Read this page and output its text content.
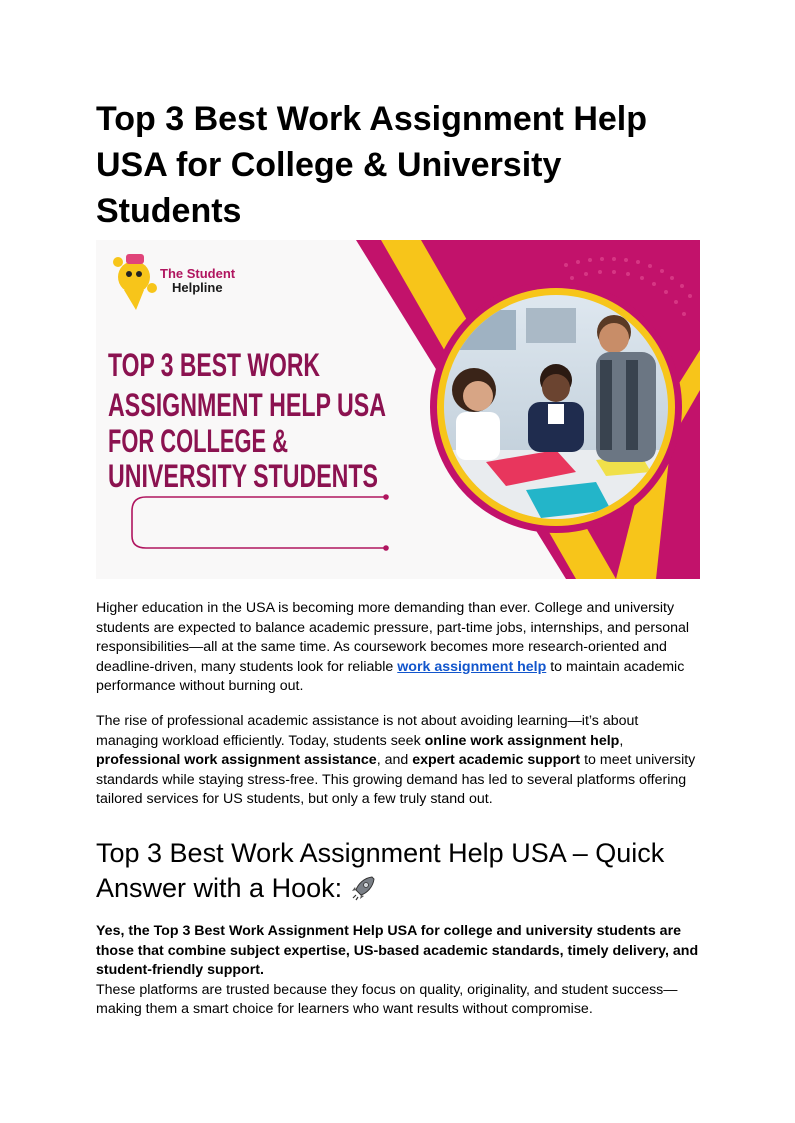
Top 3 Best Work Assignment Help USA for College & University Students
The Student
Helpline
TOP 3 BEST WORK
ASSIGNMENT HELP USA
FOR COLLEGE &
UNIVERSITY STUDENTS

Higher education in the USA is becoming more demanding than ever. College and university students are expected to balance academic pressure, part-time jobs, internships, and personal responsibilities—all at the same time. As coursework becomes more research-oriented and deadline-driven, many students look for reliable work assignment help to maintain academic performance without burning out.

The rise of professional academic assistance is not about avoiding learning—it’s about managing workload efficiently. Today, students seek online work assignment help, professional work assignment assistance, and expert academic support to meet university standards while staying stress-free. This growing demand has led to several platforms offering tailored services for US students, but only a few truly stand out.

Top 3 Best Work Assignment Help USA – Quick Answer with a Hook:

Yes, the Top 3 Best Work Assignment Help USA for college and university students are those that combine subject expertise, US-based academic standards, timely delivery, and student-friendly support.
These platforms are trusted because they focus on quality, originality, and student success—making them a smart choice for learners who want results without compromise.
